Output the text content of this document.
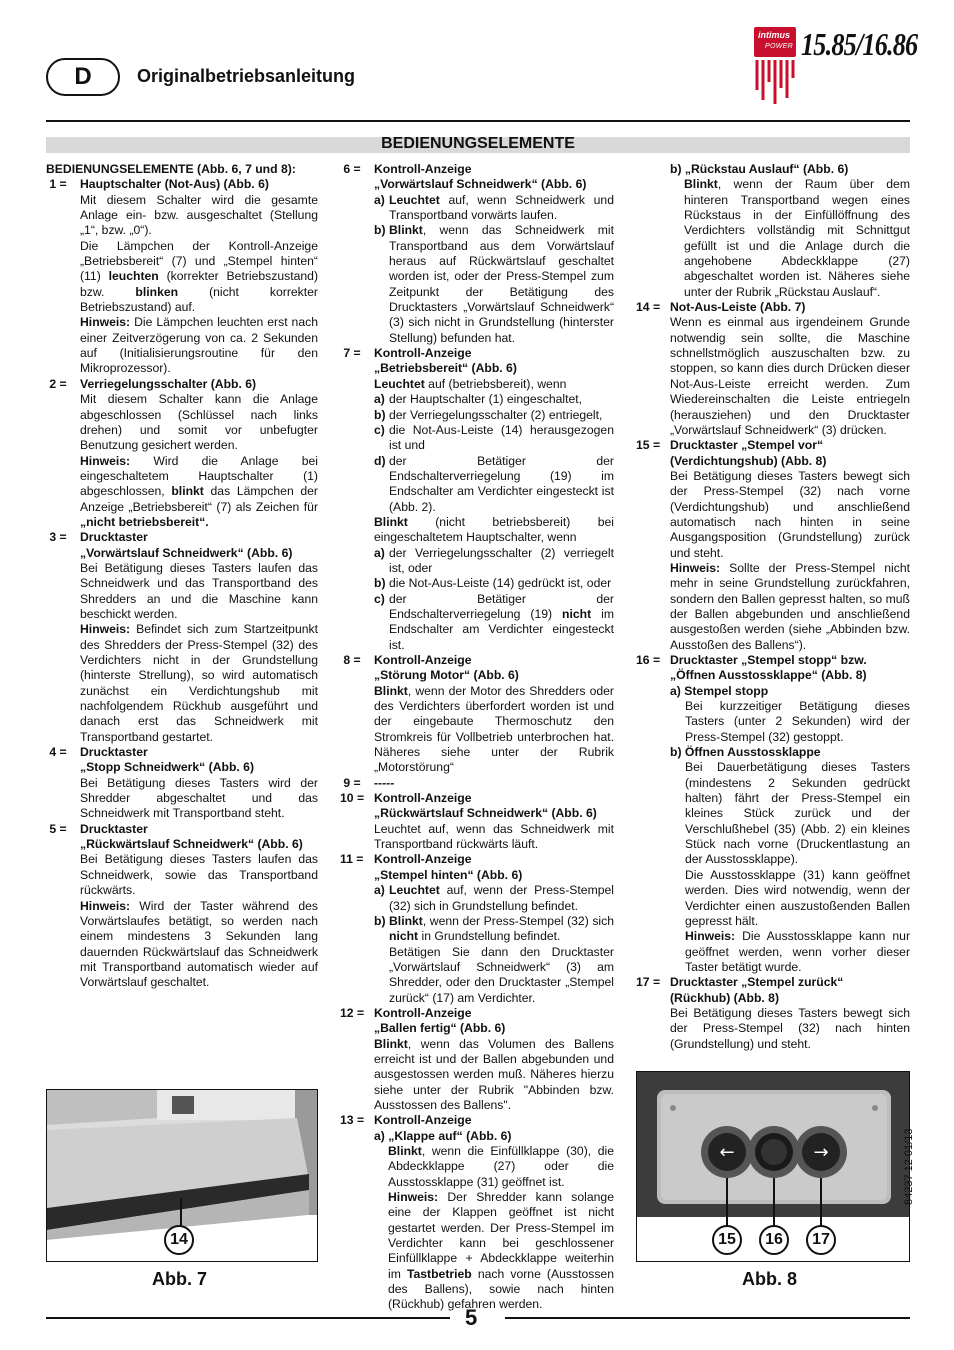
D	Originalbetriebsanleitung
intimus
POWER 15.85/16.86
BEDIENUNGSELEMENTE

BEDIENUNGSELEMENTE (Abb. 6, 7 und 8):

1 =	Hauptschalter (Not-Aus) (Abb. 6)

Mit diesem Schalter wird die gesamte Anlage ein- bzw. ausgeschaltet (Stellung „1“, bzw. „0“).

Die Lämpchen der Kontroll-Anzeige „Betriebsbereit“ (7) und „Stempel hinten“ (11) leuchten (korrekter Betriebszustand) bzw. blinken (nicht korrekter Betriebszustand) auf.

Hinweis: Die Lämpchen leuchten erst nach einer Zeitverzögerung von ca. 2 Sekunden auf (Initialisierungsroutine für den Mikroprozessor).

2 =	Verriegelungsschalter (Abb. 6)

Mit diesem Schalter kann die Anlage abgeschlossen (Schlüssel nach links drehen) und somit vor unbefugter Benutzung gesichert werden.

Hinweis: Wird die Anlage bei eingeschaltetem Hauptschalter (1) abgeschlossen, blinkt das Lämpchen der Anzeige „Betriebsbereit“ (7) als Zeichen für „nicht betriebsbereit“.

3 =	Drucktaster

„Vorwärtslauf Schneidwerk“ (Abb. 6)

Bei Betätigung dieses Tasters laufen das Schneidwerk und das Transportband des Shredders an und die Maschine kann beschickt werden.

Hinweis: Befindet sich zum Startzeitpunkt des Shredders der Press-Stempel (32) des Verdichters nicht in der Grundstellung (hinterste Strellung), so wird automatisch zunächst ein Verdichtungshub mit nachfolgendem Rückhub ausgeführt und danach erst das Schneidwerk mit Transportband gestartet.

4 =	Drucktaster

„Stopp Schneidwerk“ (Abb. 6)

Bei Betätigung dieses Tasters wird der Shredder abgeschaltet und das Schneidwerk mit Transportband steht.

5 =	Drucktaster

„Rückwärtslauf Schneidwerk“ (Abb. 6)

Bei Betätigung dieses Tasters laufen das Schneidwerk, sowie das Transportband rückwärts.

Hinweis: Wird der Taster während des Vorwärtslaufes betätigt, so werden nach einem mindestens 3 Sekunden lang dauernden Rückwärtslauf das Schneidwerk mit Transportband automatisch wieder auf Vorwärtslauf geschaltet.

6 =	Kontroll-Anzeige

„Vorwärtslauf Schneidwerk“ (Abb. 6)

a) Leuchtet auf, wenn Schneidwerk und Transportband vorwärts laufen.

b) Blinkt, wenn das Schneidwerk mit Transportband aus dem Vorwärtslauf heraus auf Rückwärtslauf geschaltet worden ist, oder der Press-Stempel zum Zeitpunkt der Betätigung des Drucktasters „Vorwärtslauf Schneidwerk“ (3) sich nicht in Grundstellung (hinterster Stellung) befunden hat.

7 =	Kontroll-Anzeige

„Betriebsbereit“ (Abb. 6)

Leuchtet auf (betriebsbereit), wenn

a) der Hauptschalter (1) eingeschaltet,

b) der Verriegelungsschalter (2) entriegelt,

c) die Not-Aus-Leiste (14) herausgezogen ist und

d) der Betätiger der Endschalterverriegelung (19) im Endschalter am Verdichter eingesteckt ist (Abb. 2).

Blinkt (nicht betriebsbereit) bei eingeschaltetem Hauptschalter, wenn

a) der Verriegelungsschalter (2) verriegelt ist, oder

b) die Not-Aus-Leiste (14) gedrückt ist, oder

c) der Betätiger der Endschalterverriegelung (19) nicht im Endschalter am Verdichter eingesteckt ist.

8 =	Kontroll-Anzeige

„Störung Motor“ (Abb. 6)

Blinkt, wenn der Motor des Shredders oder des Verdichters überfordert worden ist und der eingebaute Thermoschutz den Stromkreis für Vollbetrieb unterbrochen hat. Näheres siehe unter der Rubrik „Motorstörung“

9 =	-----
10 = Kontroll-Anzeige

„Rückwärtslauf Schneidwerk“ (Abb. 6)

Leuchtet auf, wenn das Schneidwerk mit Transportband rückwärts läuft.

11 = Kontroll-Anzeige

„Stempel hinten“ (Abb. 6)

a) Leuchtet auf, wenn der Press-Stempel (32) sich in Grundstellung befindet.

b) Blinkt, wenn der Press-Stempel (32) sich nicht in Grundstellung befindet.

Betätigen Sie dann den Drucktaster „Vorwärtslauf Schneidwerk“ (3) am Shredder, oder den Drucktaster „Stempel zurück“ (17) am Verdichter.

12 = Kontroll-Anzeige

„Ballen fertig“ (Abb. 6)

Blinkt, wenn das Volumen des Ballens erreicht ist und der Ballen abgebunden und ausgestossen werden muß. Näheres hierzu siehe unter der Rubrik "Abbinden bzw. Ausstossen des Ballens".

13 = Kontroll-Anzeige

a) „Klappe auf“ (Abb. 6)

Blinkt, wenn die Einfüllklappe (30), die Abdeckklappe (27) oder die Ausstossklappe (31) geöffnet ist.

Hinweis: Der Shredder kann solange eine der Klappen geöffnet ist nicht gestartet werden. Der Press-Stempel im Verdichter kann bei geschlossener Einfüllklappe + Abdeckklappe weiterhin im Tastbetrieb nach vorne (Ausstossen des Ballens), sowie nach hinten (Rückhub) gefahren werden.

b) „Rückstau Auslauf“ (Abb. 6)

Blinkt, wenn der Raum über dem hinteren Transportband wegen eines Rückstaus in der Einfüllöffnung des Verdichters vollständig mit Schnittgut gefüllt ist und die Anlage durch die angehobene Abdeckklappe (27) abgeschaltet worden ist. Näheres siehe unter der Rubrik „Rückstau Auslauf“.

14 = Not-Aus-Leiste (Abb. 7)

Wenn es einmal aus irgendeinem Grunde notwendig sein sollte, die Maschine schnellstmöglich auszuschalten bzw. zu stoppen, so kann dies durch Drücken dieser Not-Aus-Leiste erreicht werden. Zum Wiedereinschalten die Leiste entriegeln (herausziehen) und den Drucktaster „Vorwärtslauf Schneidwerk“ (3) drücken.

15 = Drucktaster „Stempel vor“

(Verdichtungshub) (Abb. 8)

Bei Betätigung dieses Tasters bewegt sich der Press-Stempel (32) nach vorne (Verdichtungshub) und anschließend automatisch nach hinten in seine Ausgangsposition (Grundstellung) zurück und steht.

Hinweis: Sollte der Press-Stempel nicht mehr in seine Grundstellung zurückfahren, sondern den Ballen gepresst halten, so muß der Ballen abgebunden und anschließend ausgestoßen werden (siehe „Abbinden bzw. Ausstoßen des Ballens“).

16 = Drucktaster „Stempel stopp“ bzw.

„Öffnen Ausstossklappe“ (Abb. 8)

a) Stempel stopp

Bei kurzzeitiger Betätigung dieses Tasters (unter 2 Sekunden) wird der Press-Stempel (32) gestoppt.

b) Öffnen Ausstossklappe

Bei Dauerbetätigung dieses Tasters (mindestens 2 Sekunden gedrückt halten) fährt der Press-Stempel ein kleines Stück zurück und der Verschlußhebel (35) (Abb. 2) ein kleines Stück nach vorne (Druckentlastung an der Ausstossklappe).

Die Ausstossklappe (31) kann geöffnet werden. Dies wird notwendig, wenn der Verdichter einen auszustoßenden Ballen gepresst hält.

Hinweis: Die Ausstossklappe kann nur geöffnet werden, wenn vorher dieser Taster betätigt wurde.

17 = Drucktaster „Stempel zurück“

(Rückhub) (Abb. 8)

Bei Betätigung dieses Tasters bewegt sich der Press-Stempel (32) nach hinten (Grundstellung) und steht.

14
Abb. 7
←	→
15	16	17
Abb. 8
84237 12 01/13
5
